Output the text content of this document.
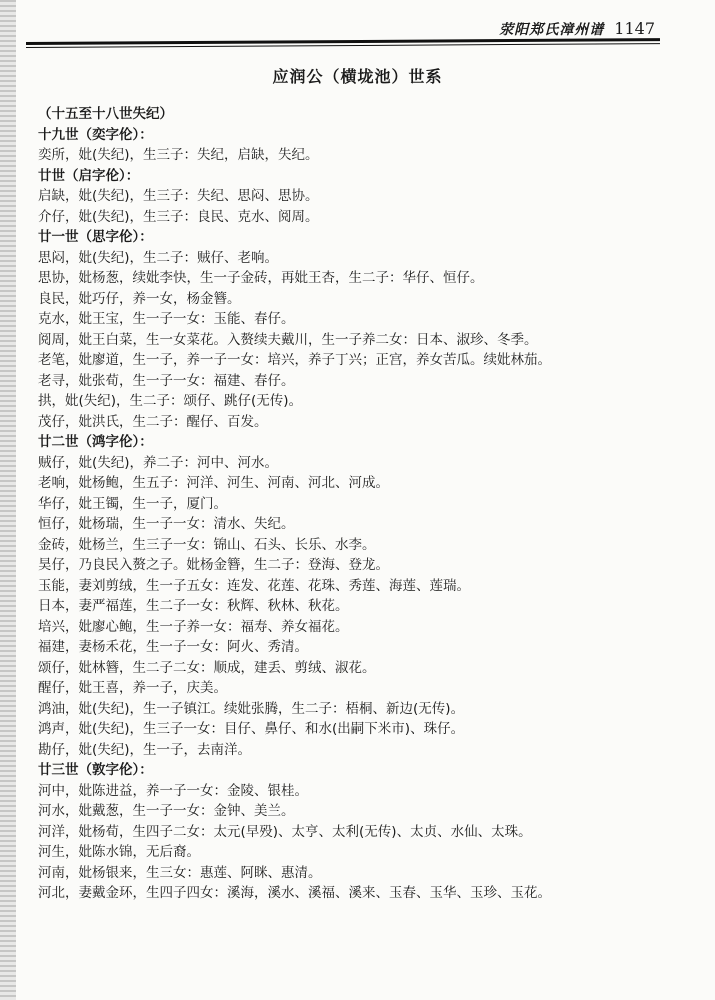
荥阳郑氏漳州谱 1147
应润公（横垅池）世系
（十五至十八世失纪）
十九世（奕字伦）：
奕所，妣(失纪)，生三子：失纪，启缺，失纪。
廿世（启字伦）：
启缺，妣(失纪)，生三子：失纪、思闷、思协。
介仔，妣(失纪)，生三子：良民、克水、阅周。
廿一世（思字伦）：
思闷，妣(失纪)，生二子：贼仔、老响。
思协，妣杨葱，续妣李快，生一子金砖，再妣王杏，生二子：华仔、恒仔。
良民，妣巧仔，养一女，杨金簪。
克水，妣王宝，生一子一女：玉能、春仔。
阅周，妣王白菜，生一女菜花。入赘续夫戴川，生一子养二女：日本、淑珍、冬季。
老笔，妣廖道，生一子，养一子一女：培兴，养子丁兴；正宫，养女苦瓜。续妣林茄。
老寻，妣张荀，生一子一女：福建、春仔。
拱，妣(失纪)，生二子：颂仔、跳仔(无传)。
茂仔，妣洪氏，生二子：醒仔、百发。
廿二世（鸿字伦）：
贼仔，妣(失纪)，养二子：河中、河水。
老响，妣杨鲍，生五子：河洋、河生、河南、河北、河成。
华仔，妣王镯，生一子，厦门。
恒仔，妣杨瑞，生一子一女：清水、失纪。
金砖，妣杨兰，生三子一女：锦山、石头、长乐、水李。
昊仔，乃良民入赘之子。妣杨金簪，生二子：登海、登龙。
玉能，妻刘剪绒，生一子五女：连发、花莲、花珠、秀莲、海莲、莲瑞。
日本，妻严福莲，生二子一女：秋辉、秋林、秋花。
培兴，妣廖心鲍，生一子养一女：福寿、养女福花。
福建，妻杨禾花，生一子一女：阿火、秀清。
颂仔，妣林簪，生二子二女：顺成，建丢、剪绒、淑花。
醒仔，妣王喜，养一子，庆美。
鸿油，妣(失纪)，生一子镇江。续妣张腾，生二子：梧桐、新边(无传)。
鸿声，妣(失纪)，生三子一女：目仔、鼻仔、和水(出嗣下米市)、珠仔。
勘仔，妣(失纪)，生一子，去南洋。
廿三世（敦字伦）：
河中，妣陈进益，养一子一女：金陵、银桂。
河水，妣戴葱，生一子一女：金钟、美兰。
河洋，妣杨荀，生四子二女：太元(早殁)、太亨、太利(无传)、太贞、水仙、太珠。
河生，妣陈水锦，无后裔。
河南，妣杨银来，生三女：惠莲、阿眯、惠清。
河北，妻戴金环，生四子四女：溪海，溪水、溪福、溪来、玉春、玉华、玉珍、玉花。
